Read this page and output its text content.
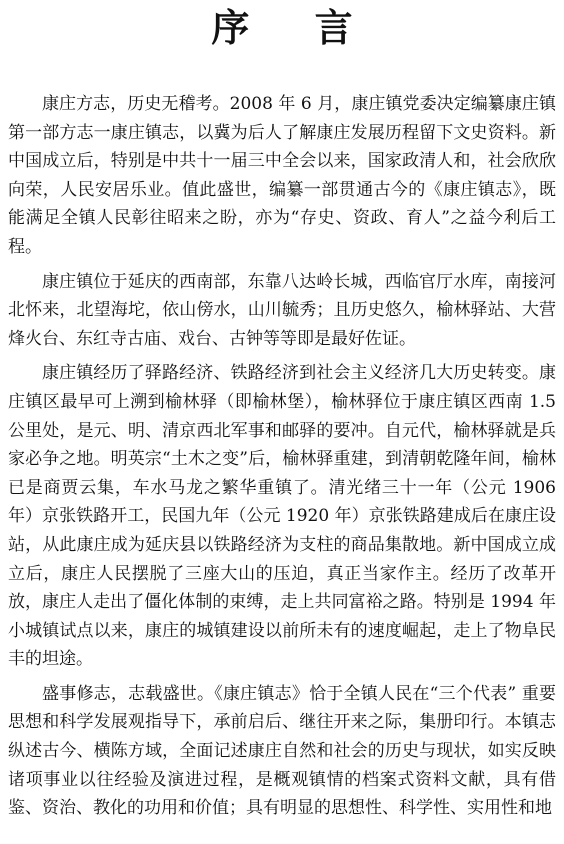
序 言

康庄方志，历史无稽考。2008 年 6 月，康庄镇党委决定编纂康庄镇第一部方志一康庄镇志，以冀为后人了解康庄发展历程留下文史资料。新中国成立后，特别是中共十一届三中全会以来，国家政清人和，社会欣欣向荣，人民安居乐业。值此盛世，编纂一部贯通古今的《康庄镇志》，既能满足全镇人民彰往昭来之盼，亦为“存史、资政、育人”之益今利后工程。

康庄镇位于延庆的西南部，东靠八达岭长城，西临官厅水库，南接河北怀来，北望海坨，依山傍水，山川毓秀；且历史悠久，榆林驿站、大营烽火台、东红寺古庙、戏台、古钟等等即是最好佐证。

康庄镇经历了驿路经济、铁路经济到社会主义经济几大历史转变。康庄镇区最早可上溯到榆林驿（即榆林堡），榆林驿位于康庄镇区西南 1.5 公里处，是元、明、清京西北军事和邮驿的要冲。自元代，榆林驿就是兵家必争之地。明英宗“土木之变”后，榆林驿重建，到清朝乾隆年间，榆林已是商贾云集，车水马龙之繁华重镇了。清光绪三十一年（公元 1906 年）京张铁路开工，民国九年（公元 1920 年）京张铁路建成后在康庄设站，从此康庄成为延庆县以铁路经济为支柱的商品集散地。新中国成立成立后，康庄人民摆脱了三座大山的压迫，真正当家作主。经历了改革开放，康庄人走出了僵化体制的束缚，走上共同富裕之路。特别是 1994 年小城镇试点以来，康庄的城镇建设以前所未有的速度崛起，走上了物阜民丰的坦途。

盛事修志，志载盛世。《康庄镇志》恰于全镇人民在“三个代表” 重要思想和科学发展观指导下，承前启后、继往开来之际，集册印行。本镇志纵述古今、横陈方域，全面记述康庄自然和社会的历史与现状，如实反映诸项事业以往经验及演进过程，是概观镇情的档案式资料文献，具有借鉴、资治、教化的功用和价值；具有明显的思想性、科学性、实用性和地
